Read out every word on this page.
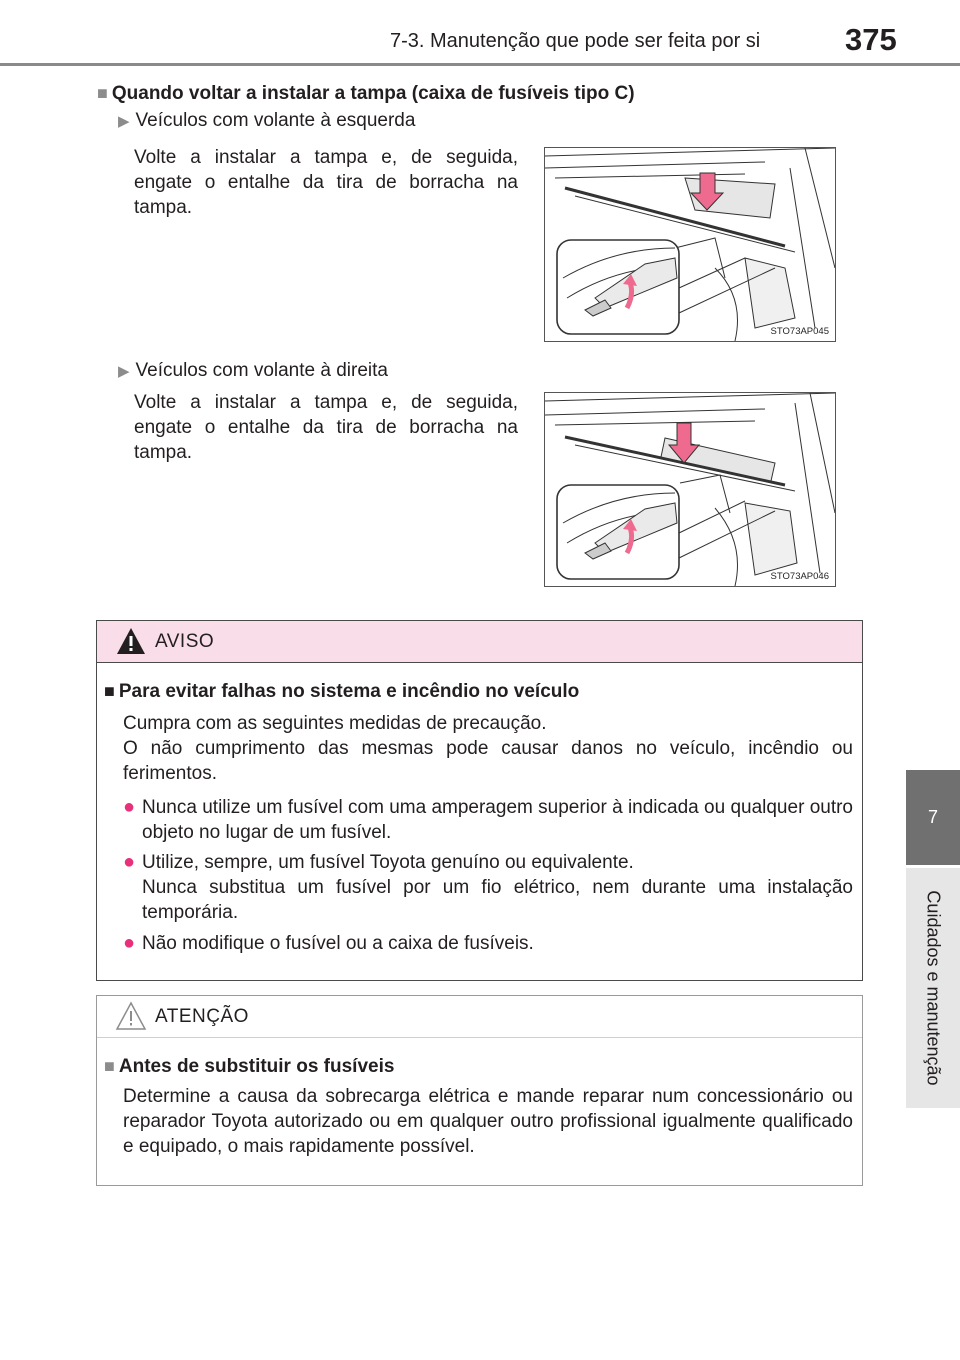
7-3. Manutenção que pode ser feita por si	375
7
Cuidados e manutenção
■ Quando voltar a instalar a tampa (caixa de fusíveis tipo C)
▶ Veículos com volante à esquerda
Volte a instalar a tampa e, de seguida, engate o entalhe da tira de borracha na tampa.
STO73AP045
▶ Veículos com volante à direita
Volte a instalar a tampa e, de seguida, engate o entalhe da tira de borracha na tampa.
STO73AP046
AVISO
■ Para evitar falhas no sistema e incêndio no veículo
Cumpra com as seguintes medidas de precaução.
O não cumprimento das mesmas pode causar danos no veículo, incêndio ou ferimentos.
● Nunca utilize um fusível com uma amperagem superior à indicada ou qualquer outro objeto no lugar de um fusível.
● Utilize, sempre, um fusível Toyota genuíno ou equivalente.
Nunca substitua um fusível por um fio elétrico, nem durante uma instalação temporária.
● Não modifique o fusível ou a caixa de fusíveis.
ATENÇÃO
■ Antes de substituir os fusíveis
Determine a causa da sobrecarga elétrica e mande reparar num concessionário ou reparador Toyota autorizado ou em qualquer outro profissional igualmente qualificado e equipado, o mais rapidamente possível.
